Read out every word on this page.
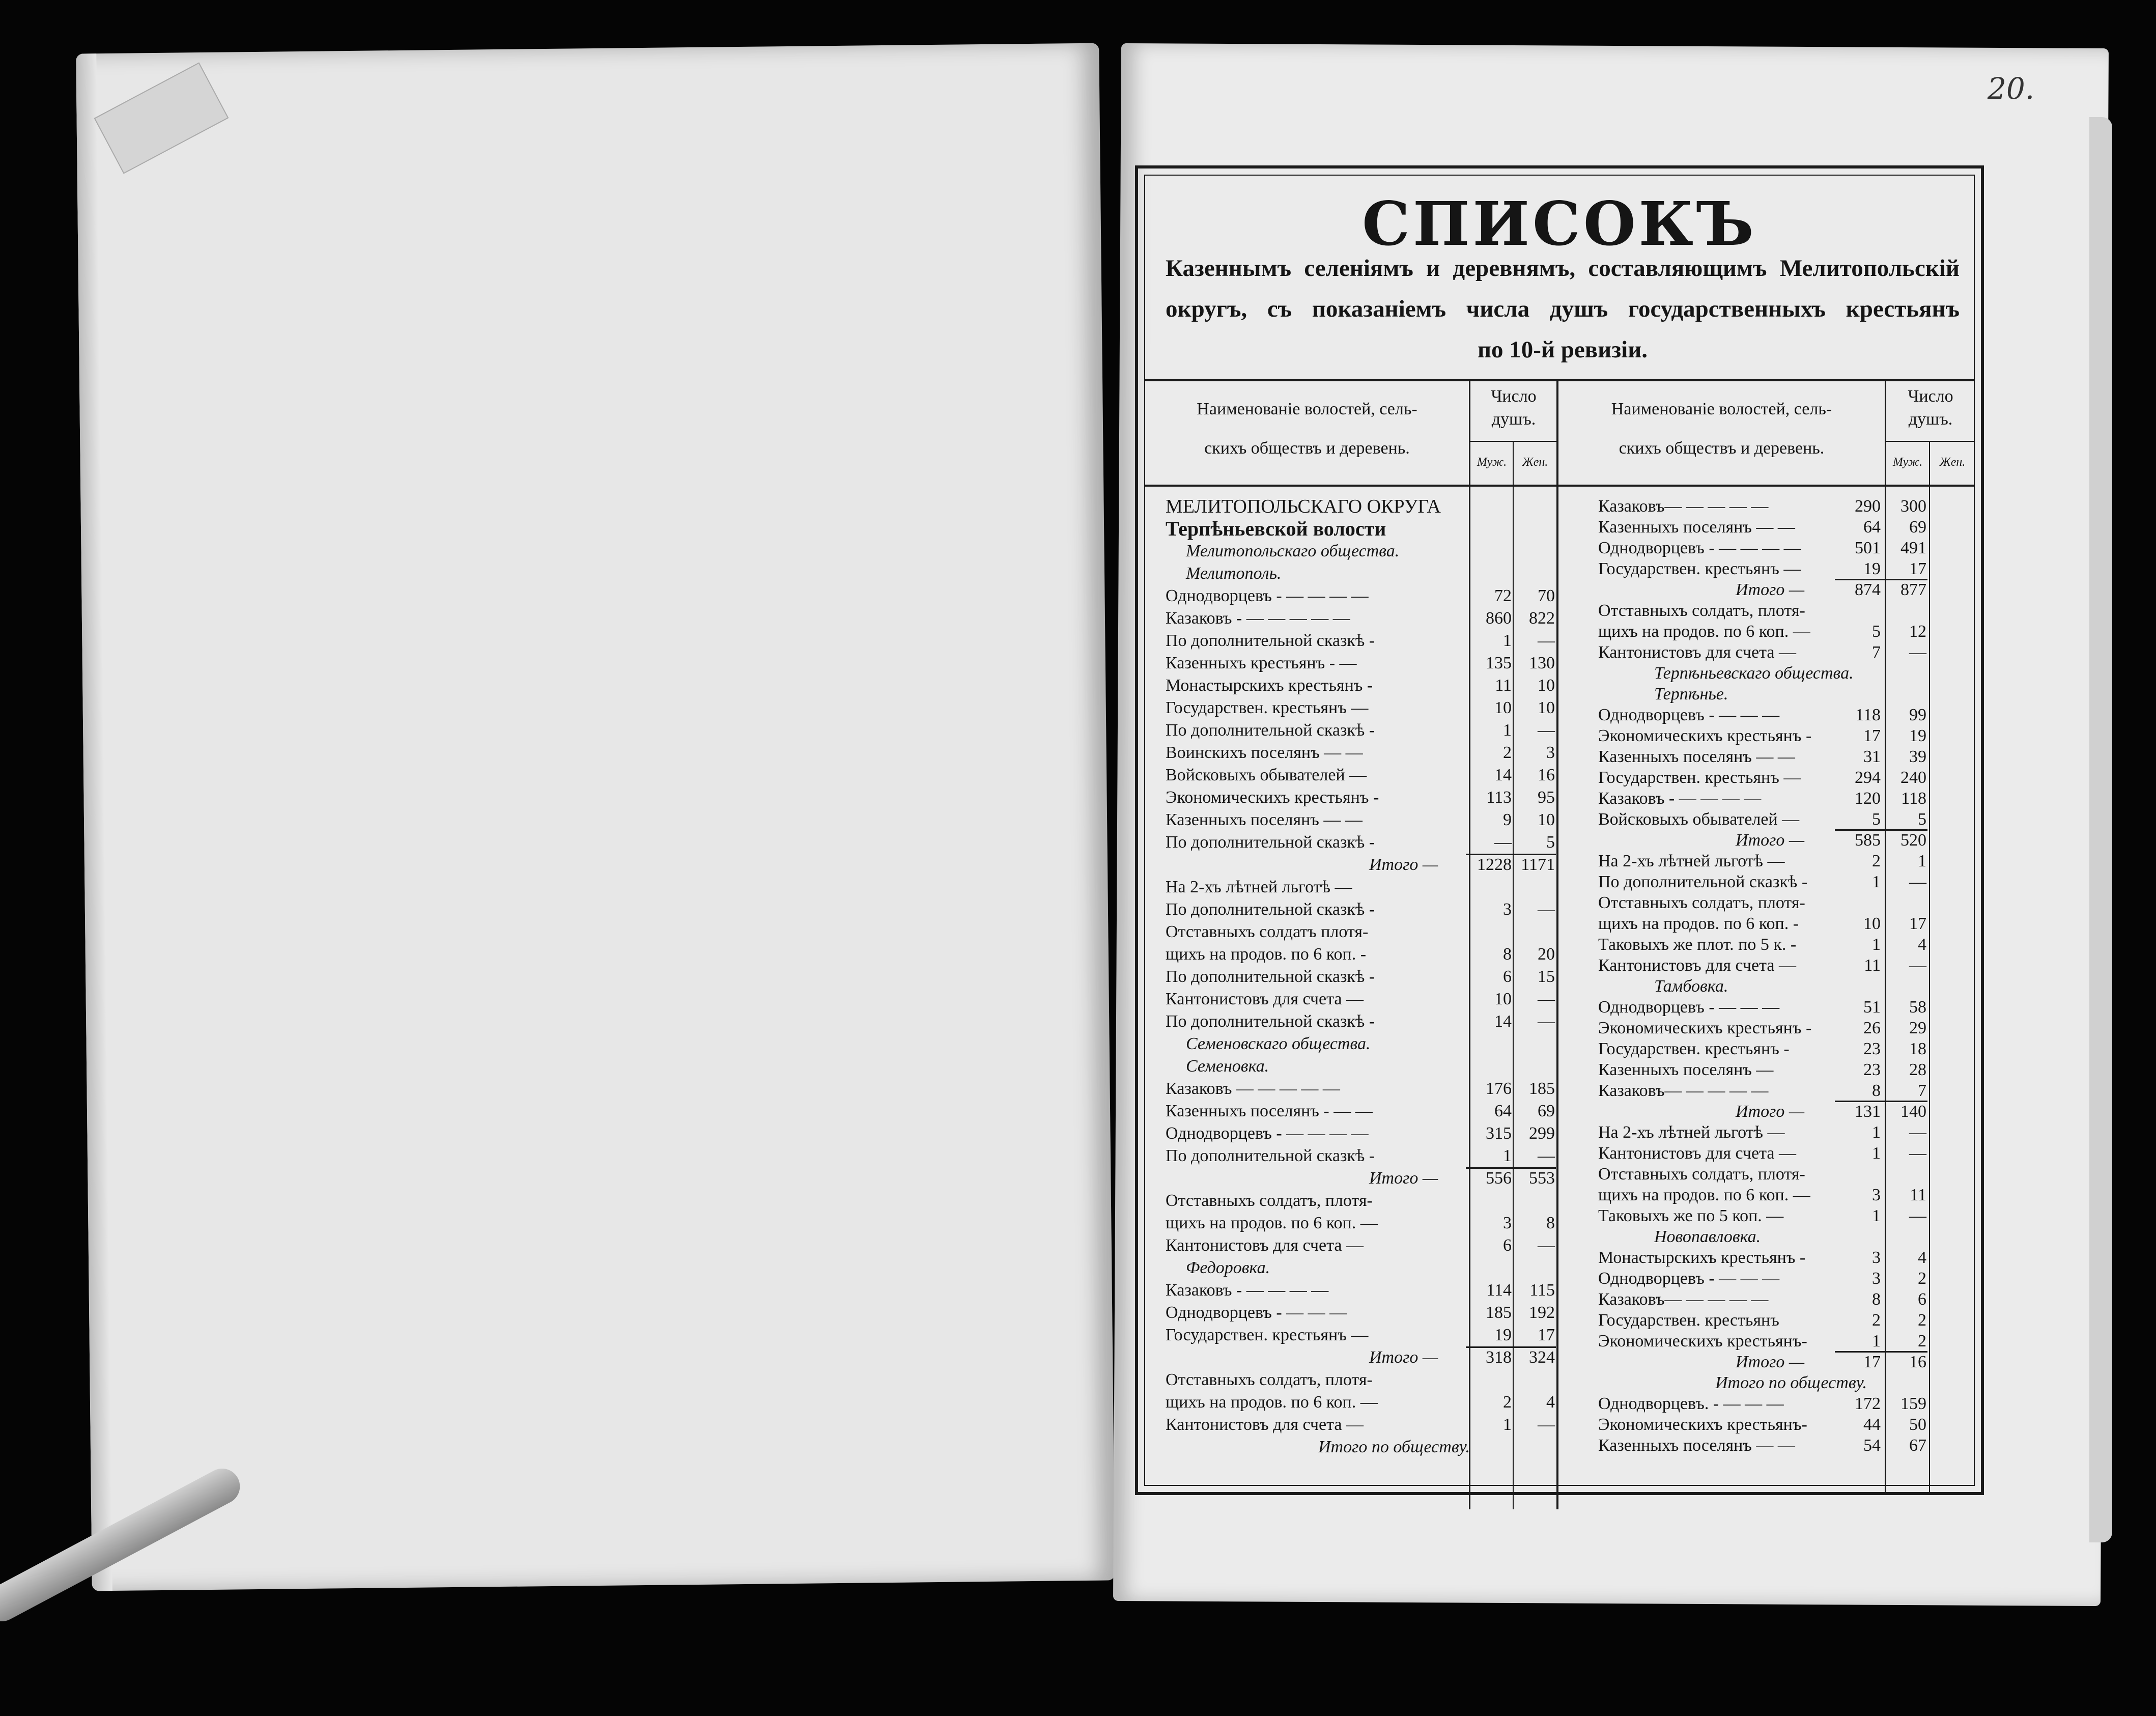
20.
СПИСОКЪ
Казеннымъ селеніямъ и деревнямъ, составляющимъ Мелитопольскій
округъ, съ показаніемъ числа душъ государственныхъ крестьянъ
по 10-й ревизіи.
Наименованіе волостей, сель-
скихъ обществъ и деревень.
Число
душъ.
Муж.	Жен.
Наименованіе волостей, сель-
скихъ обществъ и деревень.
Число
душъ.
Муж.	Жен.
МЕЛИТОПОЛЬСКАГО ОКРУГА
Терпѣньевской волости
Мелитопольскаго общества.
Мелитополь.
Однодворцевъ - — — — —	72	70
Казаковъ - — — — — —	860	822
По дополнительной сказкѣ -	1	—
Казенныхъ крестьянъ - —	135	130
Монастырскихъ крестьянъ -	11	10
Государствен. крестьянъ —	10	10
По дополнительной сказкѣ -	1	—
Воинскихъ поселянъ — —	2	3
Войсковыхъ обывателей —	14	16
Экономическихъ крестьянъ -	113	95
Казенныхъ поселянъ — —	9	10
По дополнительной сказкѣ -	—	5
Итого —	1228 1171
На 2-хъ лѣтней льготѣ —
По дополнительной сказкѣ -	3	—
Отставныхъ солдатъ плотя-
щихъ на продов. по 6 коп. -	8	20
По дополнительной сказкѣ -	6	15
Кантонистовъ для счета —	10	—
По дополнительной сказкѣ -	14	—
Семеновскаго общества.
Семеновка.
Казаковъ — — — — —	176	185
Казенныхъ поселянъ - — —	64	69
Однодворцевъ - — — — —	315	299
По дополнительной сказкѣ -	1	—
Итого —	556	553
Отставныхъ солдатъ, плотя-
щихъ на продов. по 6 коп. —	3	8
Кантонистовъ для счета —	6	—
Федоровка.
Казаковъ - — — — —	114	115
Однодворцевъ - — — —	185	192
Государствен. крестьянъ —	19	17
Итого —	318	324
Отставныхъ солдатъ, плотя-
щихъ на продов. по 6 коп. —	2	4
Кантонистовъ для счета —	1	—
Итого по обществу.
Казаковъ— — — — —	290	300
Казенныхъ поселянъ — —	64	69
Однодворцевъ - — — — —	501	491
Государствен. крестьянъ —	19	17
Итого —	874	877
Отставныхъ солдатъ, плотя-
щихъ на продов. по 6 коп. —	5	12
Кантонистовъ для счета —	7	—
Терпѣньевскаго общества.
Терпѣнье.
Однодворцевъ - — — —	118	99
Экономическихъ крестьянъ -	17	19
Казенныхъ поселянъ — —	31	39
Государствен. крестьянъ —	294	240
Казаковъ - — — — —	120	118
Войсковыхъ обывателей —	5	5
Итого —	585	520
На 2-хъ лѣтней льготѣ —	2	1
По дополнительной сказкѣ -	1	—
Отставныхъ солдатъ, плотя-
щихъ на продов. по 6 коп. -	10	17
Таковыхъ же плот. по 5 к. -	1	4
Кантонистовъ для счета —	11	—
Тамбовка.
Однодворцевъ - — — —	51	58
Экономическихъ крестьянъ -	26	29
Государствен. крестьянъ -	23	18
Казенныхъ поселянъ —	23	28
Казаковъ— — — — —	8	7
Итого —	131	140
На 2-хъ лѣтней льготѣ —	1	—
Кантонистовъ для счета —	1	—
Отставныхъ солдатъ, плотя-
щихъ на продов. по 6 коп. —	3	11
Таковыхъ же по 5 коп. —	1	—
Новопавловка.
Монастырскихъ крестьянъ -	3	4
Однодворцевъ - — — —	3	2
Казаковъ— — — — —	8	6
Государствен. крестьянъ	2	2
Экономическихъ крестьянъ-	1	2
Итого —	17	16
Итого по обществу.
Однодворцевъ. - — — —	172	159
Экономическихъ крестьянъ-	44	50
Казенныхъ поселянъ — —	54	67
